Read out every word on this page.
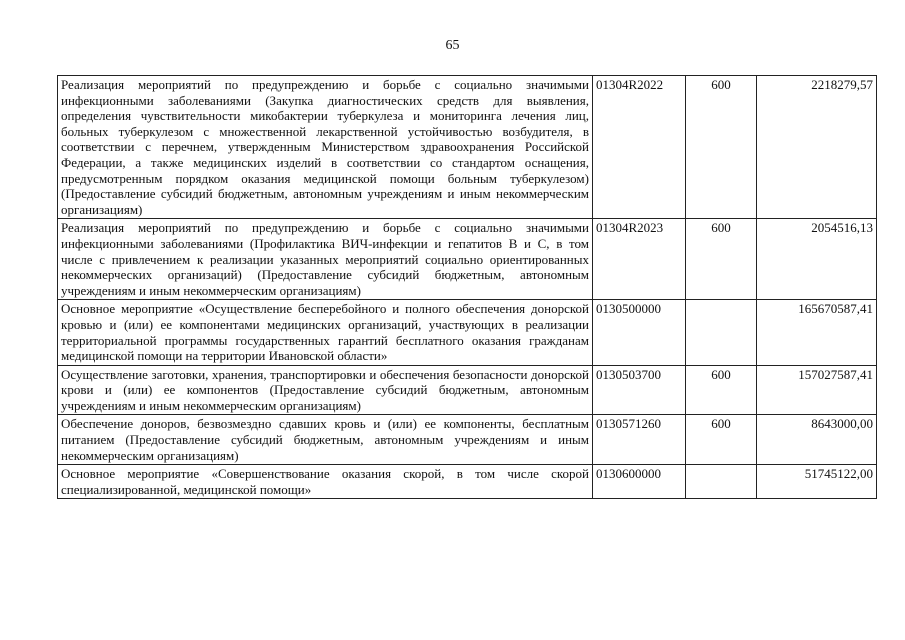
65
Реализация мероприятий по предупреждению и борьбе с социально значимыми инфекционными заболеваниями (Закупка диагностических средств для выявления, определения чувствительности микобактерии туберкулеза и мониторинга лечения лиц, больных туберкулезом с множественной лекарственной устойчивостью возбудителя, в соответствии с перечнем, утвержденным Министерством здравоохранения Российской Федерации, а также медицинских изделий в соответствии со стандартом оснащения, предусмотренным порядком оказания медицинской помощи больным туберкулезом) (Предоставление субсидий бюджетным, автономным учреждениям и иным некоммерческим организациям)	01304R2022	600	2218279,57
Реализация мероприятий по предупреждению и борьбе с социально значимыми инфекционными заболеваниями (Профилактика ВИЧ-инфекции и гепатитов В и С, в том числе с привлечением к реализации указанных мероприятий социально ориентированных некоммерческих организаций) (Предоставление субсидий бюджетным, автономным учреждениям и иным некоммерческим организациям)	01304R2023	600	2054516,13
Основное мероприятие «Осуществление бесперебойного и полного обеспечения донорской кровью и (или) ее компонентами медицинских организаций, участвующих в реализации территориальной программы государственных гарантий бесплатного оказания гражданам медицинской помощи на территории Ивановской области»	0130500000		165670587,41
Осуществление заготовки, хранения, транспортировки и обеспечения безопасности донорской крови и (или) ее компонентов (Предоставление субсидий бюджетным, автономным учреждениям и иным некоммерческим организациям)	0130503700	600	157027587,41
Обеспечение доноров, безвозмездно сдавших кровь и (или) ее компоненты, бесплатным питанием (Предоставление субсидий бюджетным, автономным учреждениям и иным некоммерческим организациям)	0130571260	600	8643000,00
Основное мероприятие «Совершенствование оказания скорой, в том числе скорой специализированной, медицинской помощи»	0130600000		51745122,00
